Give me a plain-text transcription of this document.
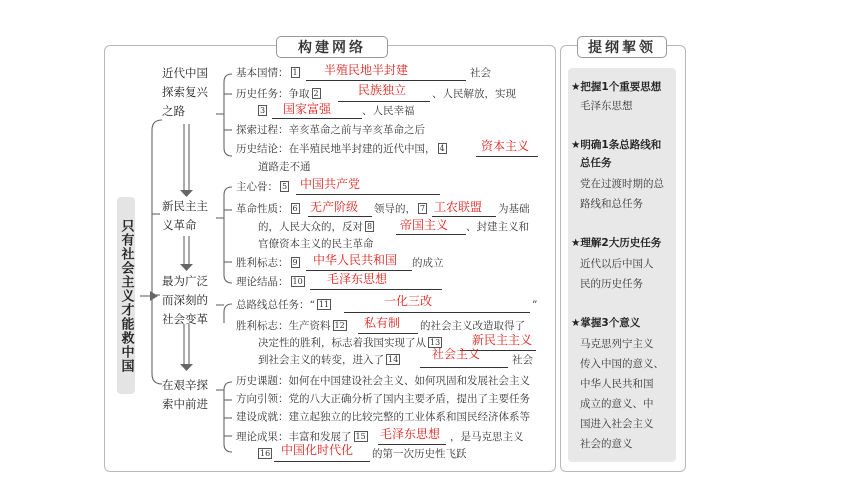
构建网络	提纲挈领
只有社会主义才能救中国
近代中国
探索复兴
之路
新民主主
义革命
最为广泛
而深刻的
社会变革
在艰辛探
索中前进
基本国情： 1	社会
半殖民地半封建
历史任务：争取 2	、人民解放，实现
民族独立
3	、人民幸福
国家富强
探索过程：辛亥革命之前与辛亥革命之后
历史结论：在半殖民地半封建的近代中国， 4	资本主义
道路走不通
主心骨： 5	中国共产党
革命性质： 6	无产阶级 领导的， 7 工农联盟 为基础
的，人民大众的，反对 8	帝国主义 、封建主义和
官僚资本主义的民主革命
胜利标志： 9	中华人民共和国 的成立
理论结晶： 10	毛泽东思想
总路线总任务：“ 11	一化三改	”
胜利标志：生产资料 12	私有制 的社会主义改造取得了
决定性的胜利，标志着我国实现了从 13	新民主主义
到社会主义的转变，进入了 14	社会主义	社会
历史课题：如何在中国建设社会主义、如何巩固和发展社会主义
方向引领：党的八大正确分析了国内主要矛盾，提出了主要任务
建设成就：建立起独立的比较完整的工业体系和国民经济体系等
理论成果：丰富和发展了 15	毛泽东思想 ，是马克思主义
16 中国化时代化 的第一次历史性飞跃
★把握1个重要思想
毛泽东思想
★明确1条总路线和
总任务
党在过渡时期的总
路线和总任务
★理解2大历史任务
近代以后中国人
民的历史任务
★掌握3个意义
马克思列宁主义
传入中国的意义、
中华人民共和国
成立的意义、中
国进入社会主义
社会的意义
